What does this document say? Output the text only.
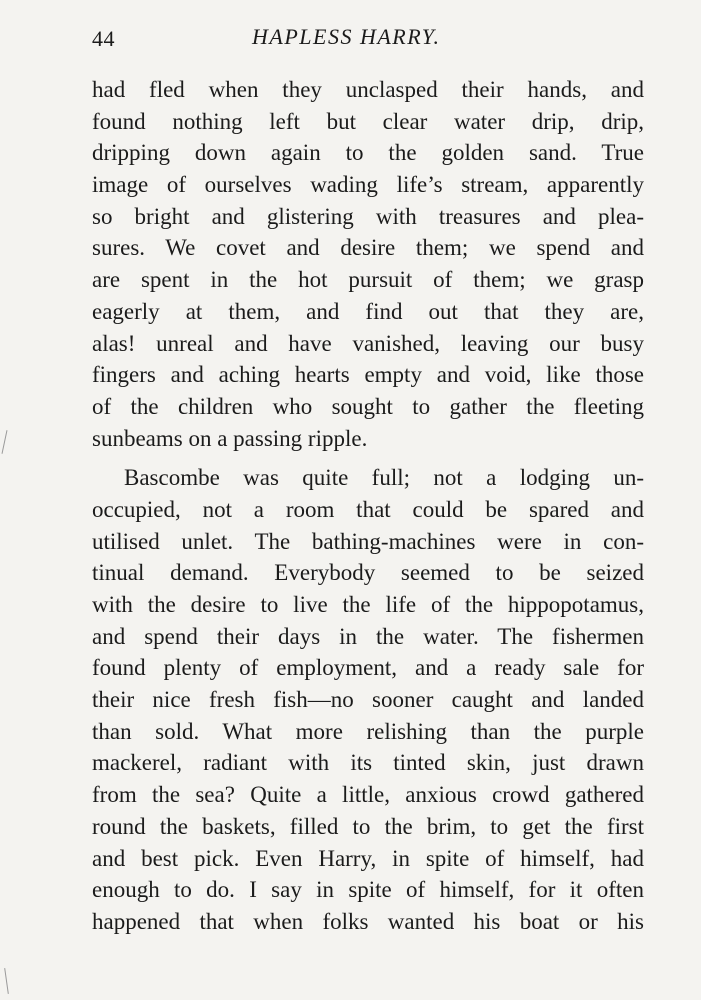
44	HAPLESS HARRY.
had fled when they unclasped their hands, and
found nothing left but clear water drip, drip,
dripping down again to the golden sand. True
image of ourselves wading life’s stream, apparently
so bright and glistering with treasures and plea-
sures. We covet and desire them; we spend and
are spent in the hot pursuit of them; we grasp
eagerly at them, and find out that they are,
alas! unreal and have vanished, leaving our busy
fingers and aching hearts empty and void, like those
of the children who sought to gather the fleeting
sunbeams on a passing ripple.
Bascombe was quite full; not a lodging un-
occupied, not a room that could be spared and
utilised unlet. The bathing-machines were in con-
tinual demand. Everybody seemed to be seized
with the desire to live the life of the hippopotamus,
and spend their days in the water. The fishermen
found plenty of employment, and a ready sale for
their nice fresh fish—no sooner caught and landed
than sold. What more relishing than the purple
mackerel, radiant with its tinted skin, just drawn
from the sea? Quite a little, anxious crowd gathered
round the baskets, filled to the brim, to get the first
and best pick. Even Harry, in spite of himself, had
enough to do. I say in spite of himself, for it often
happened that when folks wanted his boat or his
